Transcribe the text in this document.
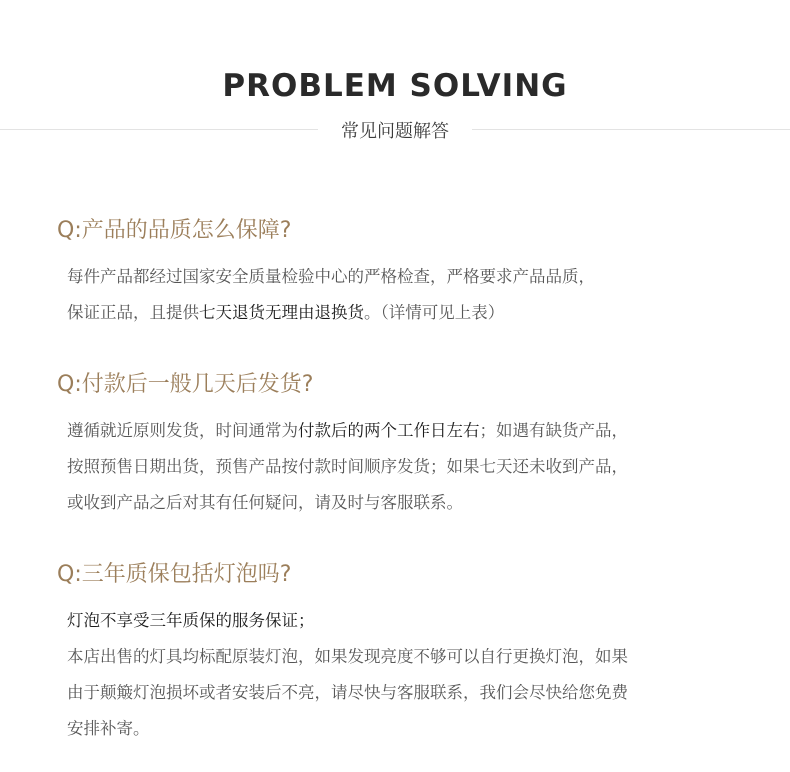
PROBLEM SOLVING
常见问题解答
Q:产品的品质怎么保障?
每件产品都经过国家安全质量检验中心的严格检查，严格要求产品品质，
保证正品，且提供七天退货无理由退换货。（详情可见上表）
Q:付款后一般几天后发货?
遵循就近原则发货，时间通常为付款后的两个工作日左右；如遇有缺货产品，
按照预售日期出货，预售产品按付款时间顺序发货；如果七天还未收到产品，
或收到产品之后对其有任何疑问，请及时与客服联系。
Q:三年质保包括灯泡吗?
灯泡不享受三年质保的服务保证；
本店出售的灯具均标配原装灯泡，如果发现亮度不够可以自行更换灯泡，如果
由于颠簸灯泡损坏或者安装后不亮，请尽快与客服联系，我们会尽快给您免费
安排补寄。
